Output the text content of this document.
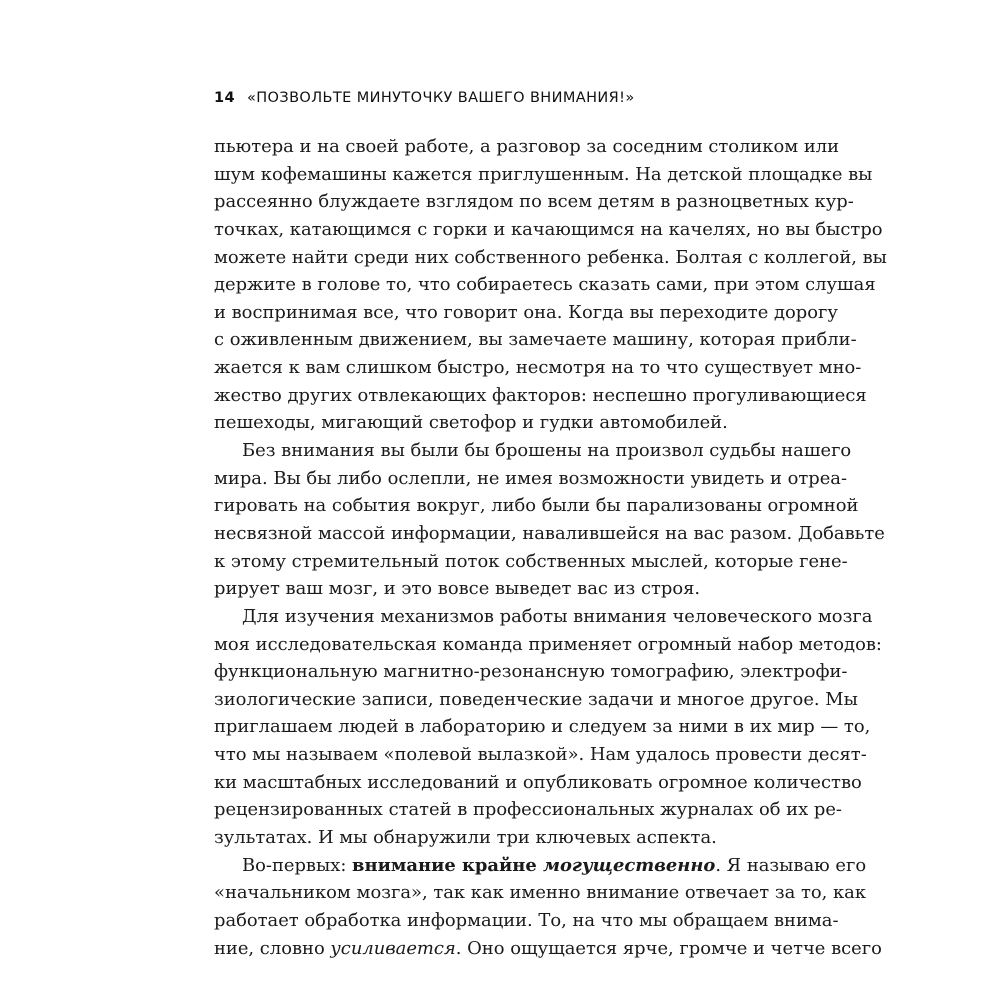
14 «ПОЗВОЛЬТЕ МИНУТОЧКУ ВАШЕГО ВНИМАНИЯ!»
пьютера и на своей работе, а разговор за соседним столиком или
шум кофемашины кажется приглушенным. На детской площадке вы
рассеянно блуждаете взглядом по всем детям в разноцветных кур-
точках, катающимся с горки и качающимся на качелях, но вы быстро
можете найти среди них собственного ребенка. Болтая с коллегой, вы
держите в голове то, что собираетесь сказать сами, при этом слушая
и воспринимая все, что говорит она. Когда вы переходите дорогу
с оживленным движением, вы замечаете машину, которая прибли-
жается к вам слишком быстро, несмотря на то что существует мно-
жество других отвлекающих факторов: неспешно прогуливающиеся
пешеходы, мигающий светофор и гудки автомобилей.
Без внимания вы были бы брошены на произвол судьбы нашего
мира. Вы бы либо ослепли, не имея возможности увидеть и отреа-
гировать на события вокруг, либо были бы парализованы огромной
несвязной массой информации, навалившейся на вас разом. Добавьте
к этому стремительный поток собственных мыслей, которые гене-
рирует ваш мозг, и это вовсе выведет вас из строя.
Для изучения механизмов работы внимания человеческого мозга
моя исследовательская команда применяет огромный набор методов:
функциональную магнитно-резонансную томографию, электрофи-
зиологические записи, поведенческие задачи и многое другое. Мы
приглашаем людей в лабораторию и следуем за ними в их мир — то,
что мы называем «полевой вылазкой». Нам удалось провести десят-
ки масштабных исследований и опубликовать огромное количество
рецензированных статей в профессиональных журналах об их ре-
зультатах. И мы обнаружили три ключевых аспекта.
Во-первых: внимание крайне могущественно. Я называю его
«начальником мозга», так как именно внимание отвечает за то, как
работает обработка информации. То, на что мы обращаем внима-
ние, словно усиливается. Оно ощущается ярче, громче и четче всего
